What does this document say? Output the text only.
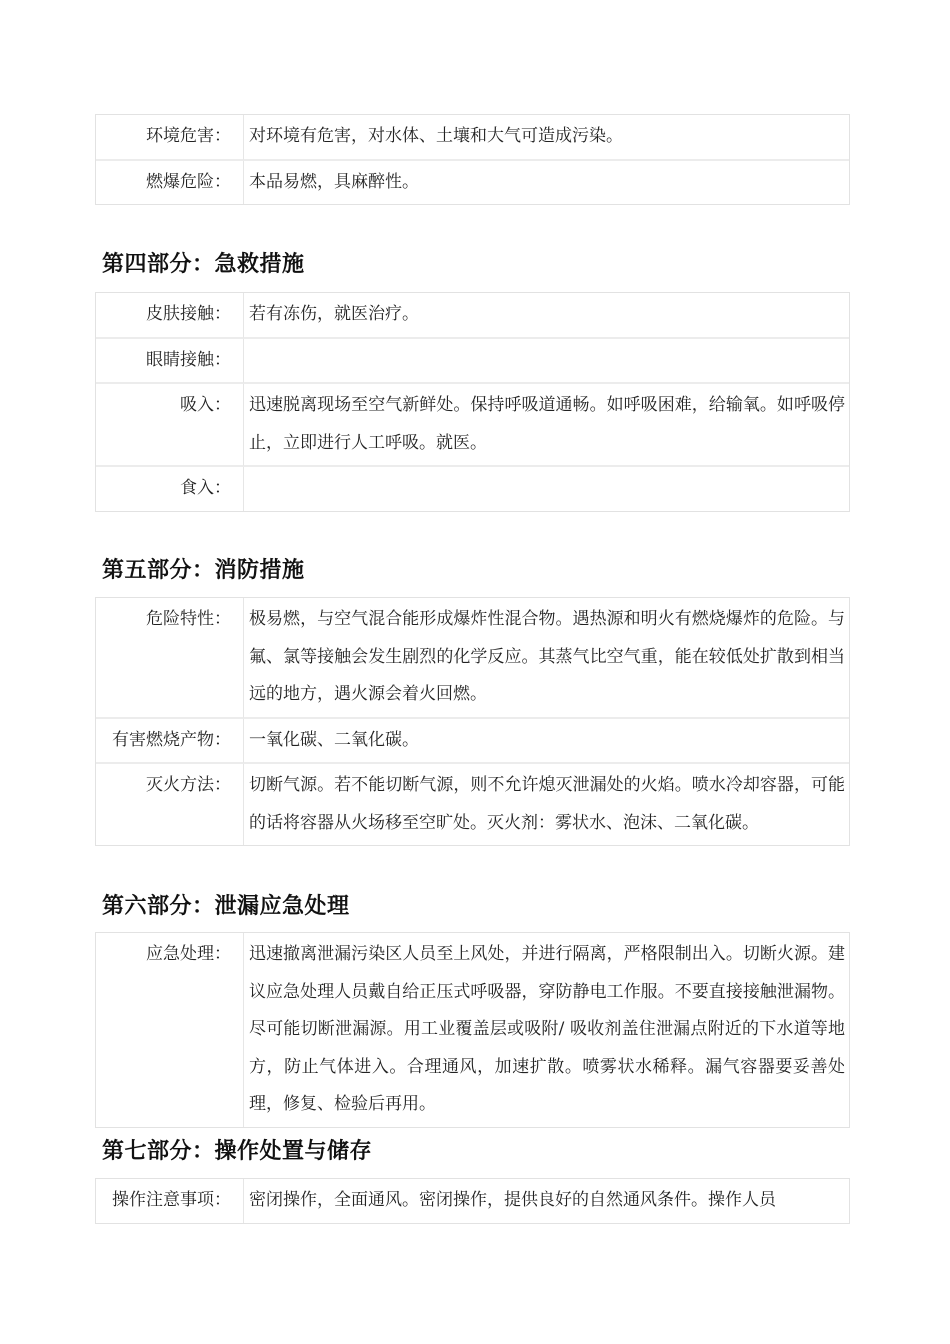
环境危害：	对环境有危害，对水体、土壤和大气可造成污染。
燃爆危险：	本品易燃，具麻醉性。
第四部分：急救措施
皮肤接触：	若有冻伤，就医治疗。
眼睛接触：	
吸入：	迅速脱离现场至空气新鲜处。保持呼吸道通畅。如呼吸困难，给输氧。如呼吸停止，立即进行人工呼吸。就医。
食入：	
第五部分：消防措施
危险特性：	极易燃，与空气混合能形成爆炸性混合物。遇热源和明火有燃烧爆炸的危险。与氟、氯等接触会发生剧烈的化学反应。其蒸气比空气重，能在较低处扩散到相当远的地方，遇火源会着火回燃。
有害燃烧产物：	一氧化碳、二氧化碳。
灭火方法：	切断气源。若不能切断气源，则不允许熄灭泄漏处的火焰。喷水冷却容器，可能的话将容器从火场移至空旷处。灭火剂：雾状水、泡沫、二氧化碳。
第六部分：泄漏应急处理
应急处理：	迅速撤离泄漏污染区人员至上风处，并进行隔离，严格限制出入。切断火源。建议应急处理人员戴自给正压式呼吸器，穿防静电工作服。不要直接接触泄漏物。尽可能切断泄漏源。用工业覆盖层或吸附/ 吸收剂盖住泄漏点附近的下水道等地方，防止气体进入。合理通风，加速扩散。喷雾状水稀释。漏气容器要妥善处理，修复、检验后再用。
第七部分：操作处置与储存
操作注意事项：	密闭操作，全面通风。密闭操作，提供良好的自然通风条件。操作人员
